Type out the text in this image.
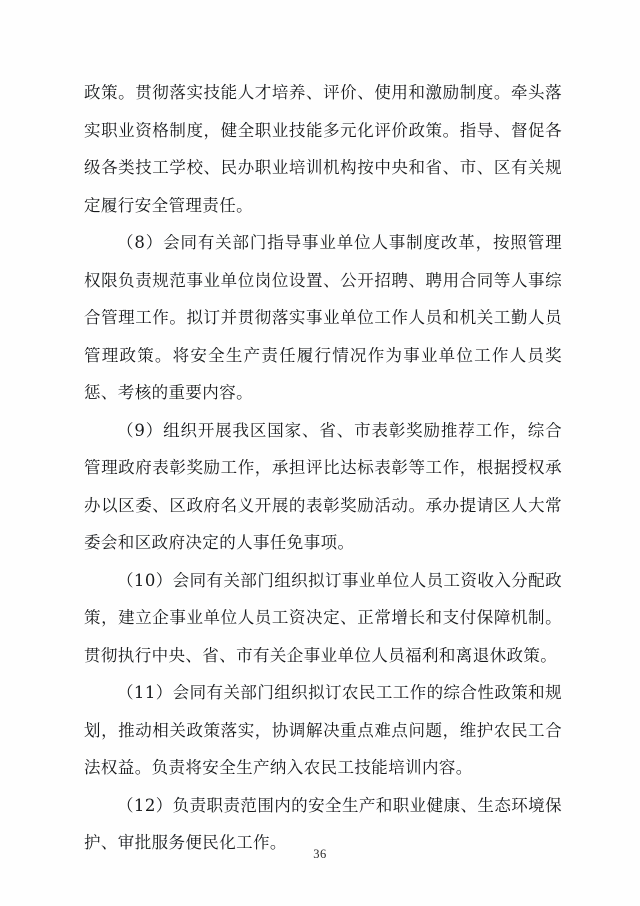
政策。贯彻落实技能人才培养、评价、使用和激励制度。牵头落实职业资格制度，健全职业技能多元化评价政策。指导、督促各级各类技工学校、民办职业培训机构按中央和省、市、区有关规定履行安全管理责任。

（8）会同有关部门指导事业单位人事制度改革，按照管理权限负责规范事业单位岗位设置、公开招聘、聘用合同等人事综合管理工作。拟订并贯彻落实事业单位工作人员和机关工勤人员管理政策。将安全生产责任履行情况作为事业单位工作人员奖惩、考核的重要内容。

（9）组织开展我区国家、省、市表彰奖励推荐工作，综合管理政府表彰奖励工作，承担评比达标表彰等工作，根据授权承办以区委、区政府名义开展的表彰奖励活动。承办提请区人大常委会和区政府决定的人事任免事项。

（10）会同有关部门组织拟订事业单位人员工资收入分配政策，建立企事业单位人员工资决定、正常增长和支付保障机制。贯彻执行中央、省、市有关企事业单位人员福利和离退休政策。

（11）会同有关部门组织拟订农民工工作的综合性政策和规划，推动相关政策落实，协调解决重点难点问题，维护农民工合法权益。负责将安全生产纳入农民工技能培训内容。

（12）负责职责范围内的安全生产和职业健康、生态环境保护、审批服务便民化工作。

36
